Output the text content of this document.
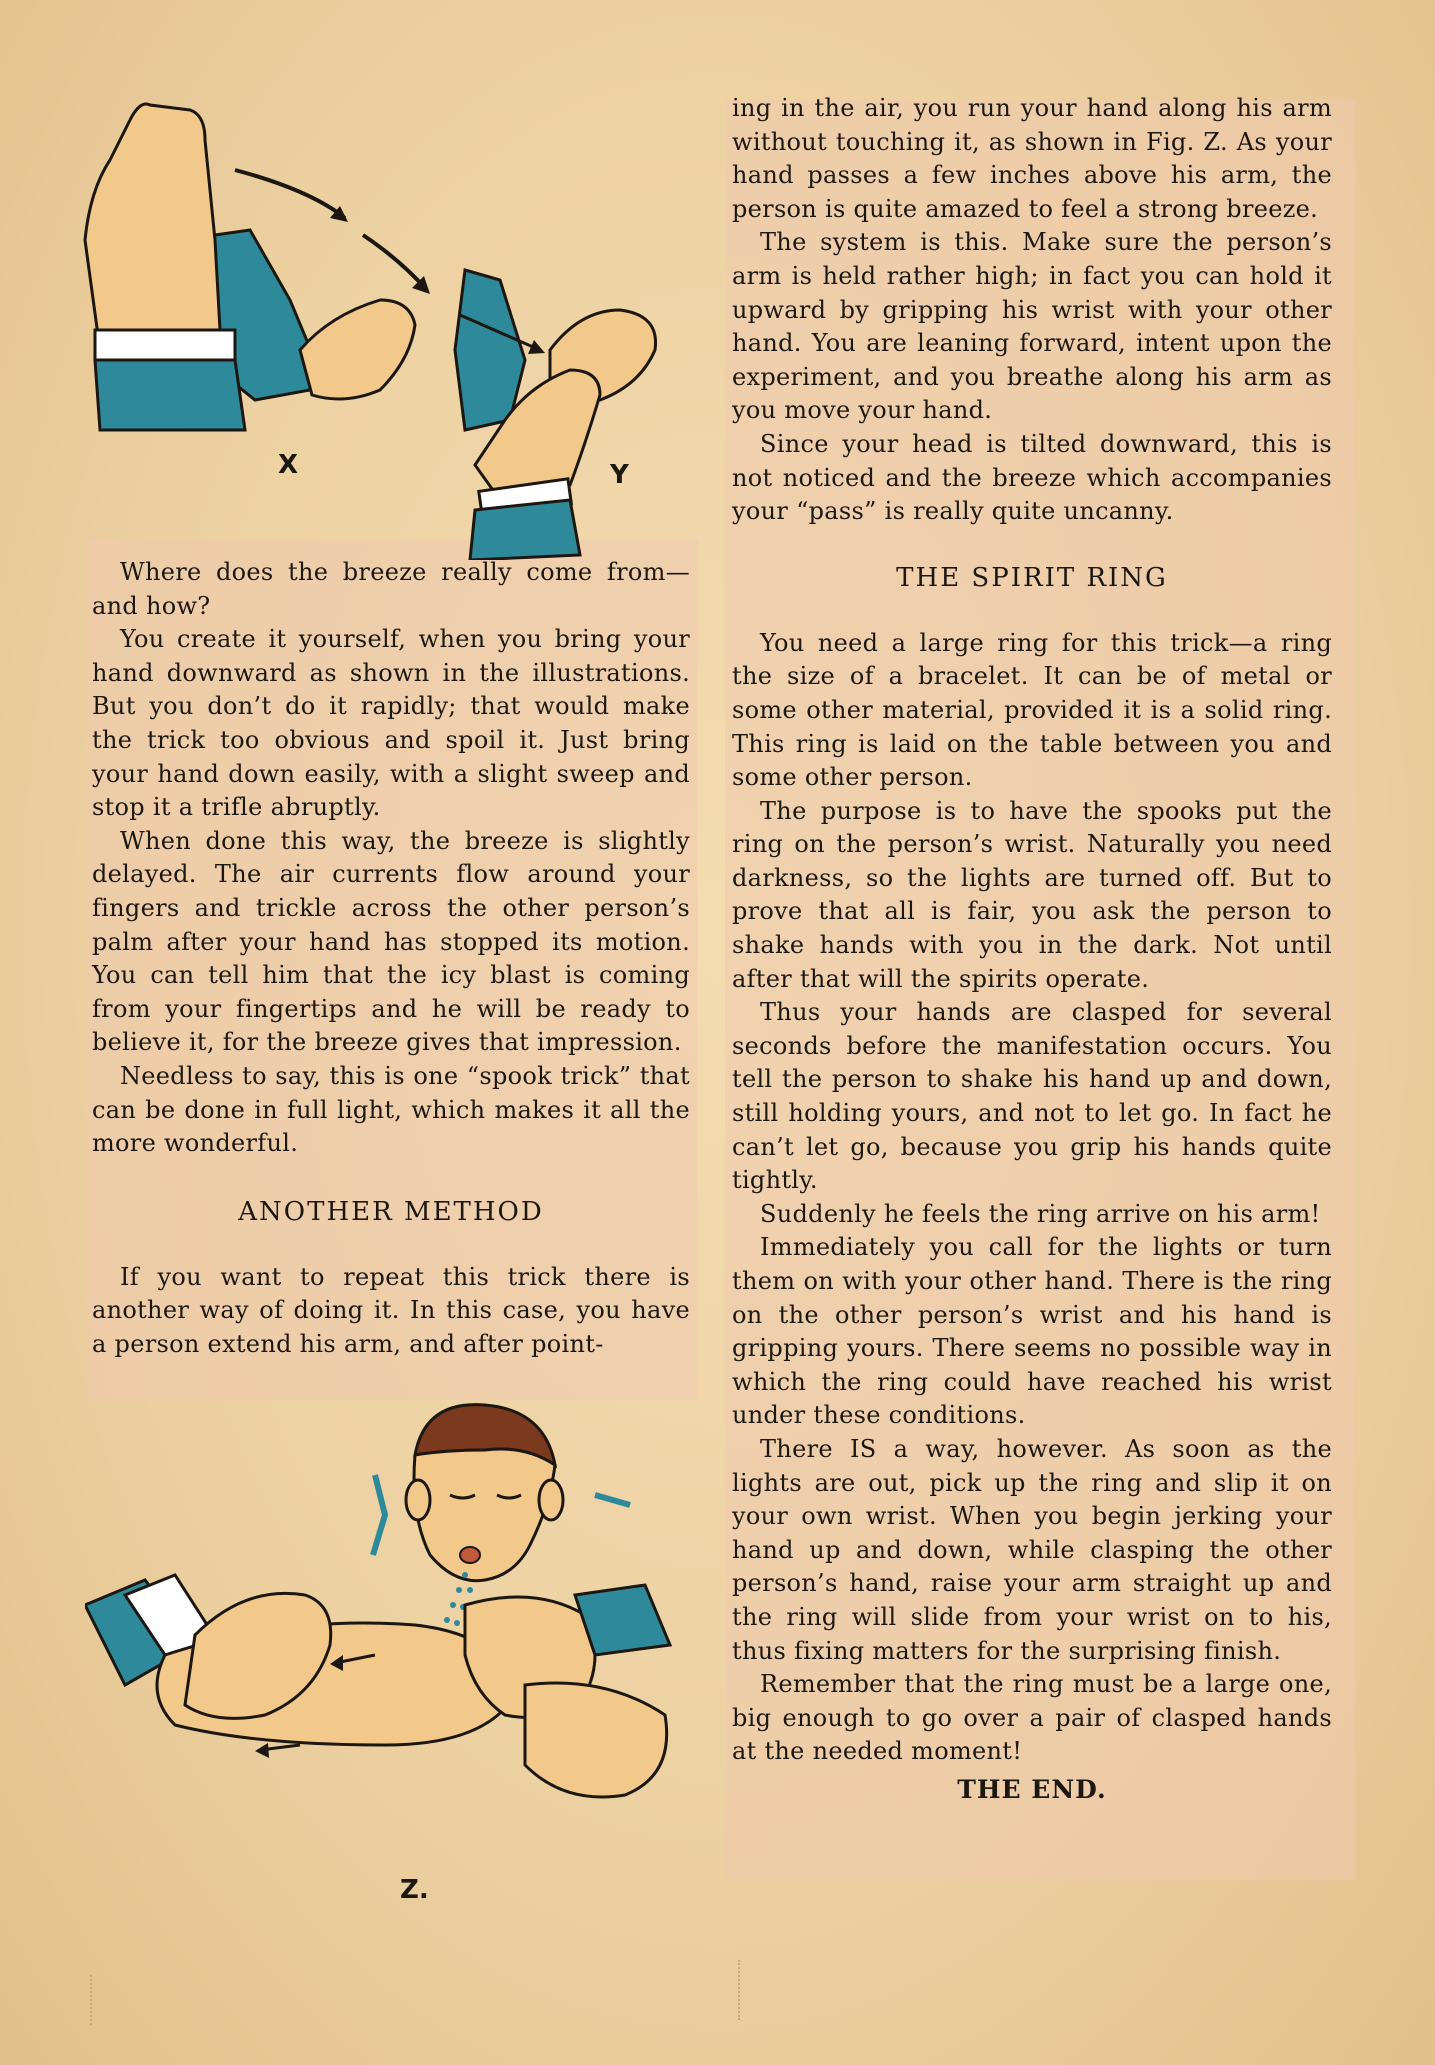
X	Y

Where does the breeze really come from—and how?

You create it yourself, when you bring your hand downward as shown in the illustrations. But you don’t do it rapidly; that would make the trick too obvious and spoil it. Just bring your hand down easily, with a slight sweep and stop it a trifle abruptly.

When done this way, the breeze is slightly delayed. The air currents flow around your fingers and trickle across the other person’s palm after your hand has stopped its motion. You can tell him that the icy blast is coming from your fingertips and he will be ready to believe it, for the breeze gives that impression.

Needless to say, this is one “spook trick” that can be done in full light, which makes it all the more wonderful.

ANOTHER METHOD

If you want to repeat this trick there is another way of doing it. In this case, you have a person extend his arm, and after point-

Z.

ing in the air, you run your hand along his arm without touching it, as shown in Fig. Z. As your hand passes a few inches above his arm, the person is quite amazed to feel a strong breeze.

The system is this. Make sure the person’s arm is held rather high; in fact you can hold it upward by gripping his wrist with your other hand. You are leaning forward, intent upon the experiment, and you breathe along his arm as you move your hand.

Since your head is tilted downward, this is not noticed and the breeze which accompanies your “pass” is really quite uncanny.

THE SPIRIT RING

You need a large ring for this trick—a ring the size of a bracelet. It can be of metal or some other material, provided it is a solid ring. This ring is laid on the table between you and some other person.

The purpose is to have the spooks put the ring on the person’s wrist. Naturally you need darkness, so the lights are turned off. But to prove that all is fair, you ask the person to shake hands with you in the dark. Not until after that will the spirits operate.

Thus your hands are clasped for several seconds before the manifestation occurs. You tell the person to shake his hand up and down, still holding yours, and not to let go. In fact he can’t let go, because you grip his hands quite tightly.

Suddenly he feels the ring arrive on his arm!

Immediately you call for the lights or turn them on with your other hand. There is the ring on the other person’s wrist and his hand is gripping yours. There seems no possible way in which the ring could have reached his wrist under these conditions.

There IS a way, however. As soon as the lights are out, pick up the ring and slip it on your own wrist. When you begin jerking your hand up and down, while clasping the other person’s hand, raise your arm straight up and the ring will slide from your wrist on to his, thus fixing matters for the surprising finish.

Remember that the ring must be a large one, big enough to go over a pair of clasped hands at the needed moment!

THE END.
